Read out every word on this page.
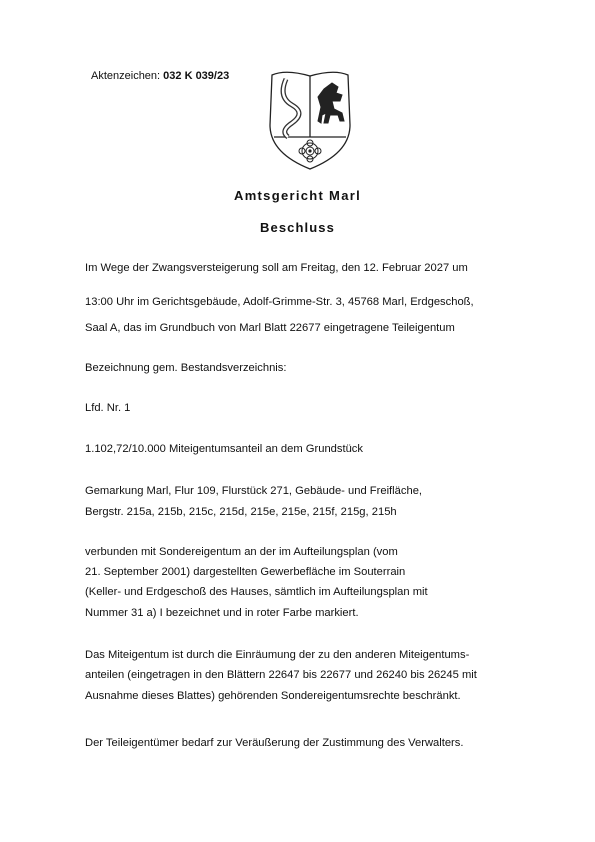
Aktenzeichen: 032 K 039/23
Amtsgericht Marl
Beschluss
Im Wege der Zwangsversteigerung soll am Freitag, den 12. Februar 2027 um
13:00 Uhr im Gerichtsgebäude, Adolf-Grimme-Str. 3, 45768 Marl, Erdgeschoß,
Saal A, das im Grundbuch von Marl Blatt 22677 eingetragene Teileigentum
Bezeichnung gem. Bestandsverzeichnis:
Lfd. Nr. 1
1.102,72/10.000 Miteigentumsanteil an dem Grundstück
Gemarkung Marl, Flur 109, Flurstück 271, Gebäude- und Freifläche,
Bergstr. 215a, 215b, 215c, 215d, 215e, 215e, 215f, 215g, 215h
verbunden mit Sondereigentum an der im Aufteilungsplan (vom
21. September 2001) dargestellten Gewerbefläche im Souterrain
(Keller- und Erdgeschoß des Hauses, sämtlich im Aufteilungsplan mit
Nummer 31 a) I bezeichnet und in roter Farbe markiert.
Das Miteigentum ist durch die Einräumung der zu den anderen Miteigentums-
anteilen (eingetragen in den Blättern 22647 bis 22677 und 26240 bis 26245 mit
Ausnahme dieses Blattes) gehörenden Sondereigentumsrechte beschränkt.
Der Teileigentümer bedarf zur Veräußerung der Zustimmung des Verwalters.
